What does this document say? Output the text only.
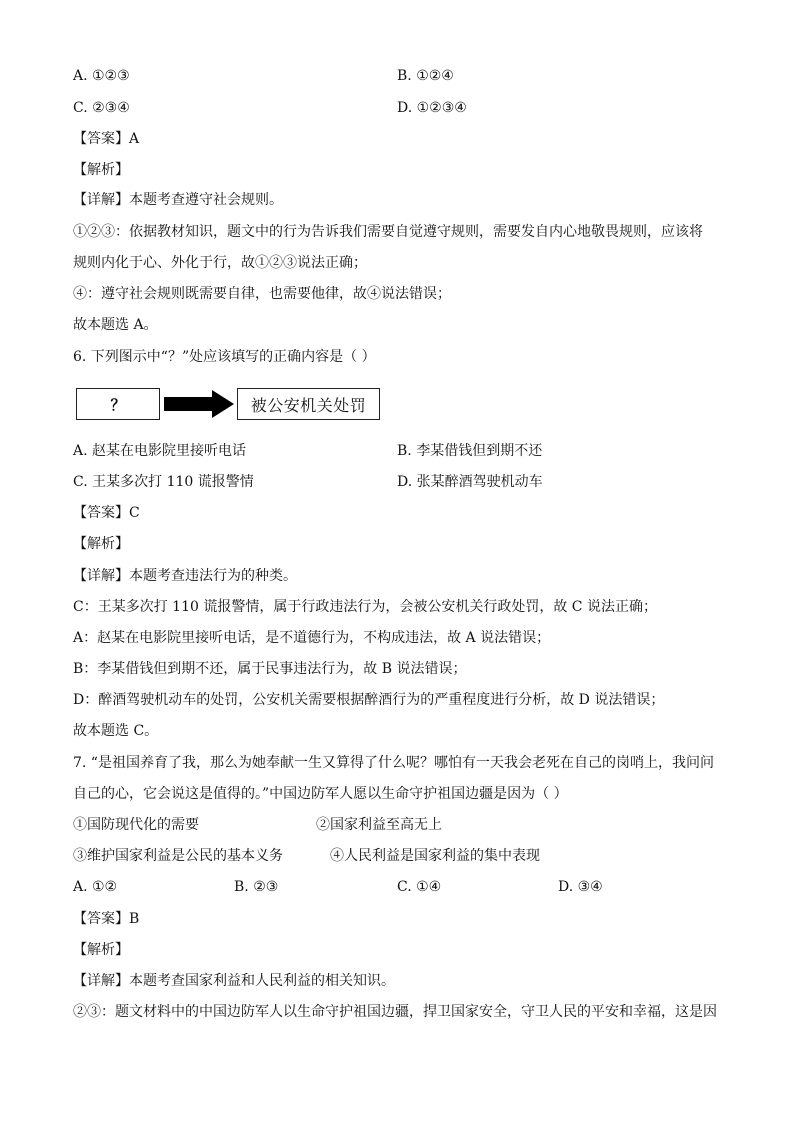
A. ①②③	B. ①②④
C. ②③④	D. ①②③④
【答案】A
【解析】
【详解】本题考查遵守社会规则。
①②③：依据教材知识，题文中的行为告诉我们需要自觉遵守规则，需要发自内心地敬畏规则，应该将
规则内化于心、外化于行，故①②③说法正确；
④：遵守社会规则既需要自律，也需要他律，故④说法错误；
故本题选 A。
6. 下列图示中“？”处应该填写的正确内容是（ ）
？	被公安机关处罚
A. 赵某在电影院里接听电话	B. 李某借钱但到期不还
C. 王某多次打 110 谎报警情	D. 张某醉酒驾驶机动车
【答案】C
【解析】
【详解】本题考查违法行为的种类。
C：王某多次打 110 谎报警情，属于行政违法行为，会被公安机关行政处罚，故 C 说法正确；
A：赵某在电影院里接听电话，是不道德行为，不构成违法，故 A 说法错误；
B：李某借钱但到期不还，属于民事违法行为，故 B 说法错误；
D：醉酒驾驶机动车的处罚，公安机关需要根据醉酒行为的严重程度进行分析，故 D 说法错误；
故本题选 C。
7. “是祖国养育了我，那么为她奉献一生又算得了什么呢？哪怕有一天我会老死在自己的岗哨上，我问问
自己的心，它会说这是值得的。”中国边防军人愿以生命守护祖国边疆是因为（ ）
①国防现代化的需要	②国家利益至高无上
③维护国家利益是公民的基本义务	④人民利益是国家利益的集中表现
A. ①②	B. ②③	C. ①④	D. ③④
【答案】B
【解析】
【详解】本题考查国家利益和人民利益的相关知识。
②③：题文材料中的中国边防军人以生命守护祖国边疆，捍卫国家安全，守卫人民的平安和幸福，这是因
